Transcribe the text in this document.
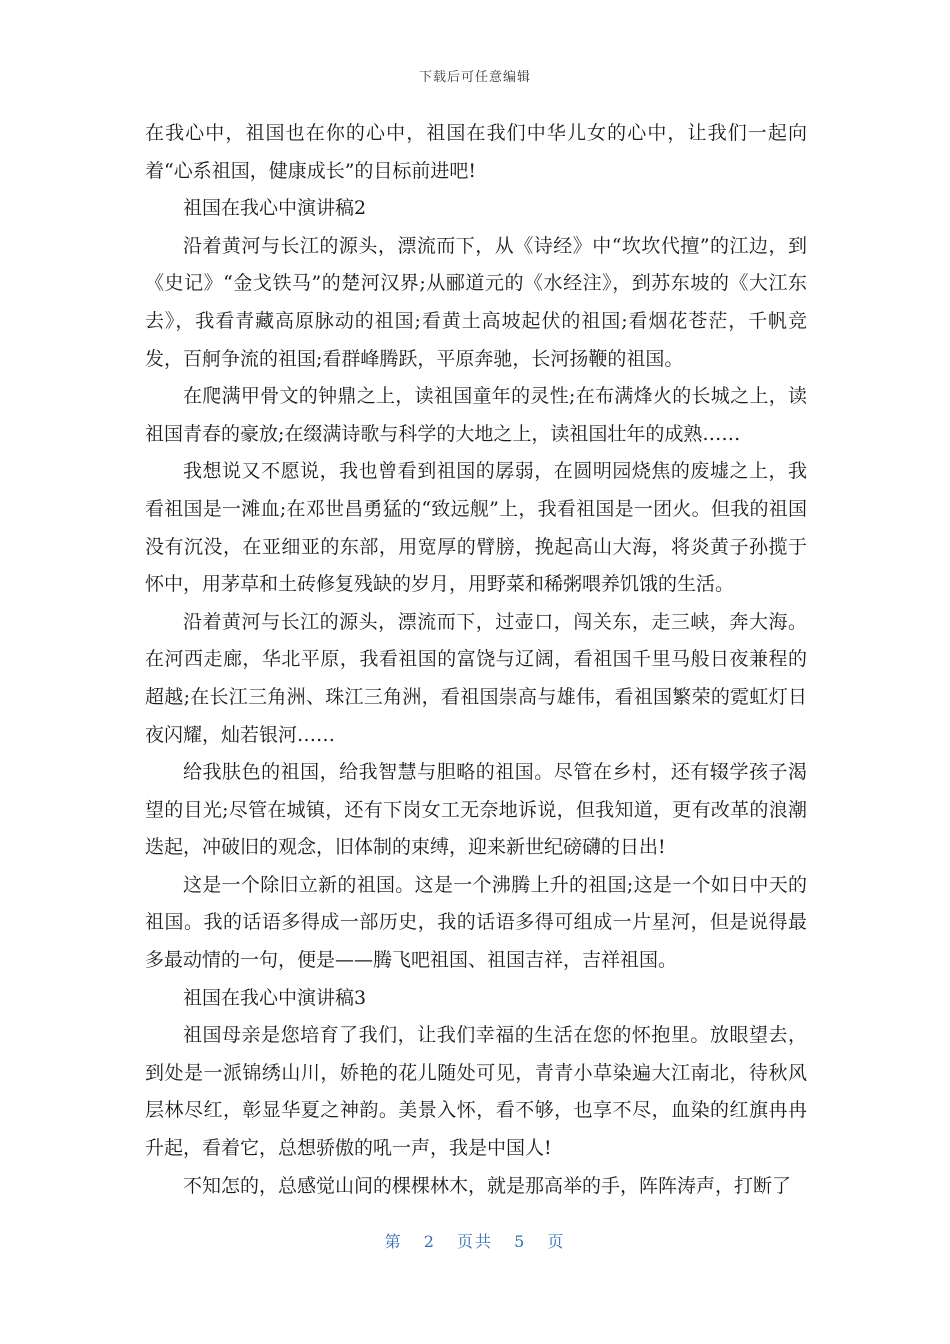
下载后可任意编辑

在我心中，祖国也在你的心中，祖国在我们中华儿女的心中，让我们一起向着“心系祖国，健康成长”的目标前进吧!

祖国在我心中演讲稿2

沿着黄河与长江的源头，漂流而下，从《诗经》中“坎坎代擅”的江边，到《史记》“金戈铁马”的楚河汉界;从郦道元的《水经注》，到苏东坡的《大江东去》，我看青藏高原脉动的祖国;看黄土高坡起伏的祖国;看烟花苍茫，千帆竞发，百舸争流的祖国;看群峰腾跃，平原奔驰，长河扬鞭的祖国。

在爬满甲骨文的钟鼎之上，读祖国童年的灵性;在布满烽火的长城之上，读祖国青春的豪放;在缀满诗歌与科学的大地之上，读祖国壮年的成熟……

我想说又不愿说，我也曾看到祖国的孱弱，在圆明园烧焦的废墟之上，我看祖国是一滩血;在邓世昌勇猛的“致远舰”上，我看祖国是一团火。但我的祖国没有沉没，在亚细亚的东部，用宽厚的臂膀，挽起高山大海，将炎黄子孙揽于怀中，用茅草和土砖修复残缺的岁月，用野菜和稀粥喂养饥饿的生活。

沿着黄河与长江的源头，漂流而下，过壶口，闯关东，走三峡，奔大海。在河西走廊，华北平原，我看祖国的富饶与辽阔，看祖国千里马般日夜兼程的超越;在长江三角洲、珠江三角洲，看祖国崇高与雄伟，看祖国繁荣的霓虹灯日夜闪耀，灿若银河……

给我肤色的祖国，给我智慧与胆略的祖国。尽管在乡村，还有辍学孩子渴望的目光;尽管在城镇，还有下岗女工无奈地诉说，但我知道，更有改革的浪潮迭起，冲破旧的观念，旧体制的束缚，迎来新世纪磅礴的日出!

这是一个除旧立新的祖国。这是一个沸腾上升的祖国;这是一个如日中天的祖国。我的话语多得成一部历史，我的话语多得可组成一片星河，但是说得最多最动情的一句，便是——腾飞吧祖国、祖国吉祥，吉祥祖国。

祖国在我心中演讲稿3

祖国母亲是您培育了我们，让我们幸福的生活在您的怀抱里。放眼望去，到处是一派锦绣山川，娇艳的花儿随处可见，青青小草染遍大江南北，待秋风层林尽红，彰显华夏之神韵。美景入怀，看不够，也享不尽，血染的红旗冉冉升起，看着它，总想骄傲的吼一声，我是中国人!

不知怎的，总感觉山间的棵棵林木，就是那高举的手，阵阵涛声，打断了

第 2 页共 5 页
